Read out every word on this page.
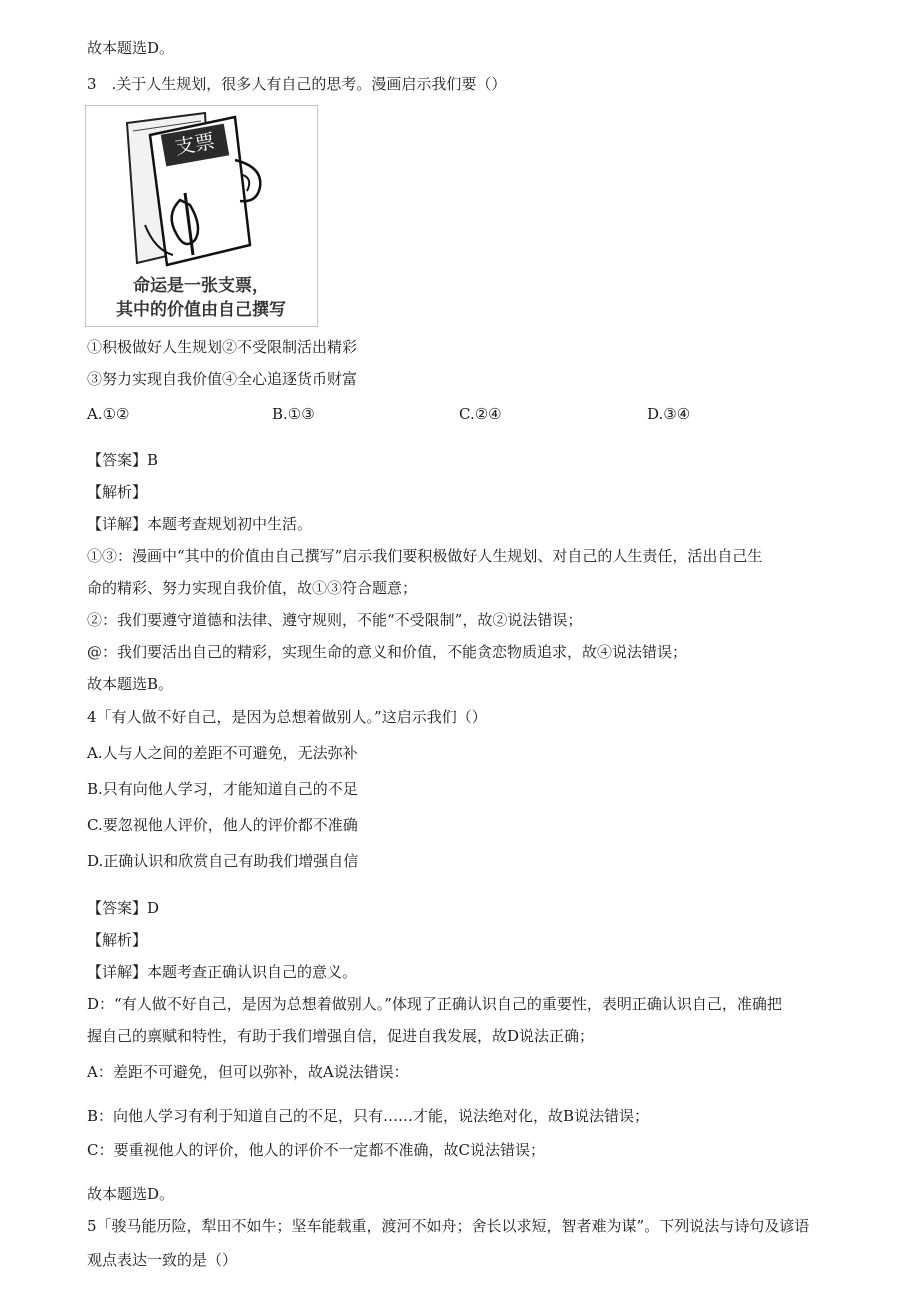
故本题选D。
3　.关于人生规划，很多人有自己的思考。漫画启示我们要（）
支票
命运是一张支票，
其中的价值由自己撰写
①积极做好人生规划②不受限制活出精彩
③努力实现自我价值④全心追逐货币财富
A.①②	B.①③	C.②④	D.③④
【答案】B
【解析】
【详解】本题考查规划初中生活。
①③：漫画中“其中的价值由自己撰写”启示我们要积极做好人生规划、对自己的人生责任，活出自己生
命的精彩、努力实现自我价值，故①③符合题意；
②：我们要遵守道德和法律、遵守规则，不能“不受限制”，故②说法错误；
@：我们要活出自己的精彩，实现生命的意义和价值，不能贪恋物质追求，故④说法错误；
故本题选B。
4「有人做不好自己，是因为总想着做别人。”这启示我们（）
A.人与人之间的差距不可避免，无法弥补
B.只有向他人学习，才能知道自己的不足
C.要忽视他人评价，他人的评价都不准确
D.正确认识和欣赏自己有助我们增强自信
【答案】D
【解析】
【详解】本题考查正确认识自己的意义。
D：“有人做不好自己，是因为总想着做别人。”体现了正确认识自己的重要性，表明正确认识自己，准确把
握自己的禀赋和特性，有助于我们增强自信，促进自我发展，故D说法正确；
A：差距不可避免，但可以弥补，故A说法错误：
B：向他人学习有利于知道自己的不足，只有……才能，说法绝对化，故B说法错误；
C：要重视他人的评价，他人的评价不一定都不准确，故C说法错误；
故本题选D。
5「骏马能历险，犁田不如牛；坚车能载重，渡河不如舟；舍长以求短，智者难为谋”。下列说法与诗句及谚语
观点表达一致的是（）
